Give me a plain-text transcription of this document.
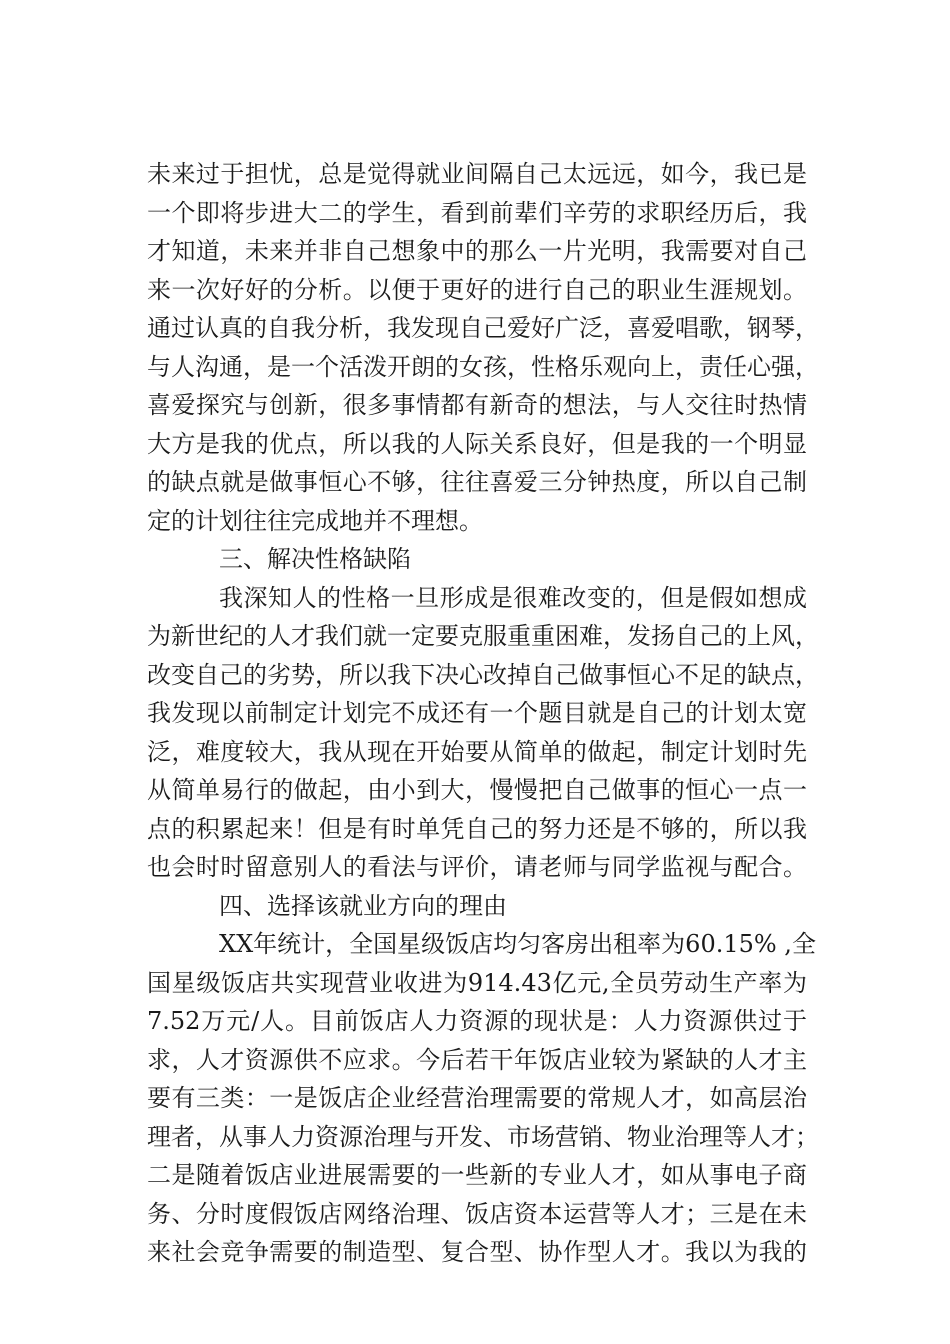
未来过于担忧，总是觉得就业间隔自己太远远，如今，我已是
一个即将步进大二的学生，看到前辈们辛劳的求职经历后，我
才知道，未来并非自己想象中的那么一片光明，我需要对自己
来一次好好的分析。以便于更好的进行自己的职业生涯规划。
通过认真的自我分析，我发现自己爱好广泛，喜爱唱歌，钢琴，
与人沟通，是一个活泼开朗的女孩，性格乐观向上，责任心强，
喜爱探究与创新，很多事情都有新奇的想法，与人交往时热情
大方是我的优点，所以我的人际关系良好，但是我的一个明显
的缺点就是做事恒心不够，往往喜爱三分钟热度，所以自己制
定的计划往往完成地并不理想。
三、解决性格缺陷
我深知人的性格一旦形成是很难改变的，但是假如想成
为新世纪的人才我们就一定要克服重重困难，发扬自己的上风，
改变自己的劣势，所以我下决心改掉自己做事恒心不足的缺点，
我发现以前制定计划完不成还有一个题目就是自己的计划太宽
泛，难度较大，我从现在开始要从简单的做起，制定计划时先
从简单易行的做起，由小到大，慢慢把自己做事的恒心一点一
点的积累起来！但是有时单凭自己的努力还是不够的，所以我
也会时时留意别人的看法与评价，请老师与同学监视与配合。
四、选择该就业方向的理由
XX年统计，全国星级饭店均匀客房出租率为60.15% ,全
国星级饭店共实现营业收进为914.43亿元,全员劳动生产率为
7.52万元/人。目前饭店人力资源的现状是：人力资源供过于
求，人才资源供不应求。今后若干年饭店业较为紧缺的人才主
要有三类：一是饭店企业经营治理需要的常规人才，如高层治
理者，从事人力资源治理与开发、市场营销、物业治理等人才；
二是随着饭店业进展需要的一些新的专业人才，如从事电子商
务、分时度假饭店网络治理、饭店资本运营等人才；三是在未
来社会竞争需要的制造型、复合型、协作型人才。我以为我的
